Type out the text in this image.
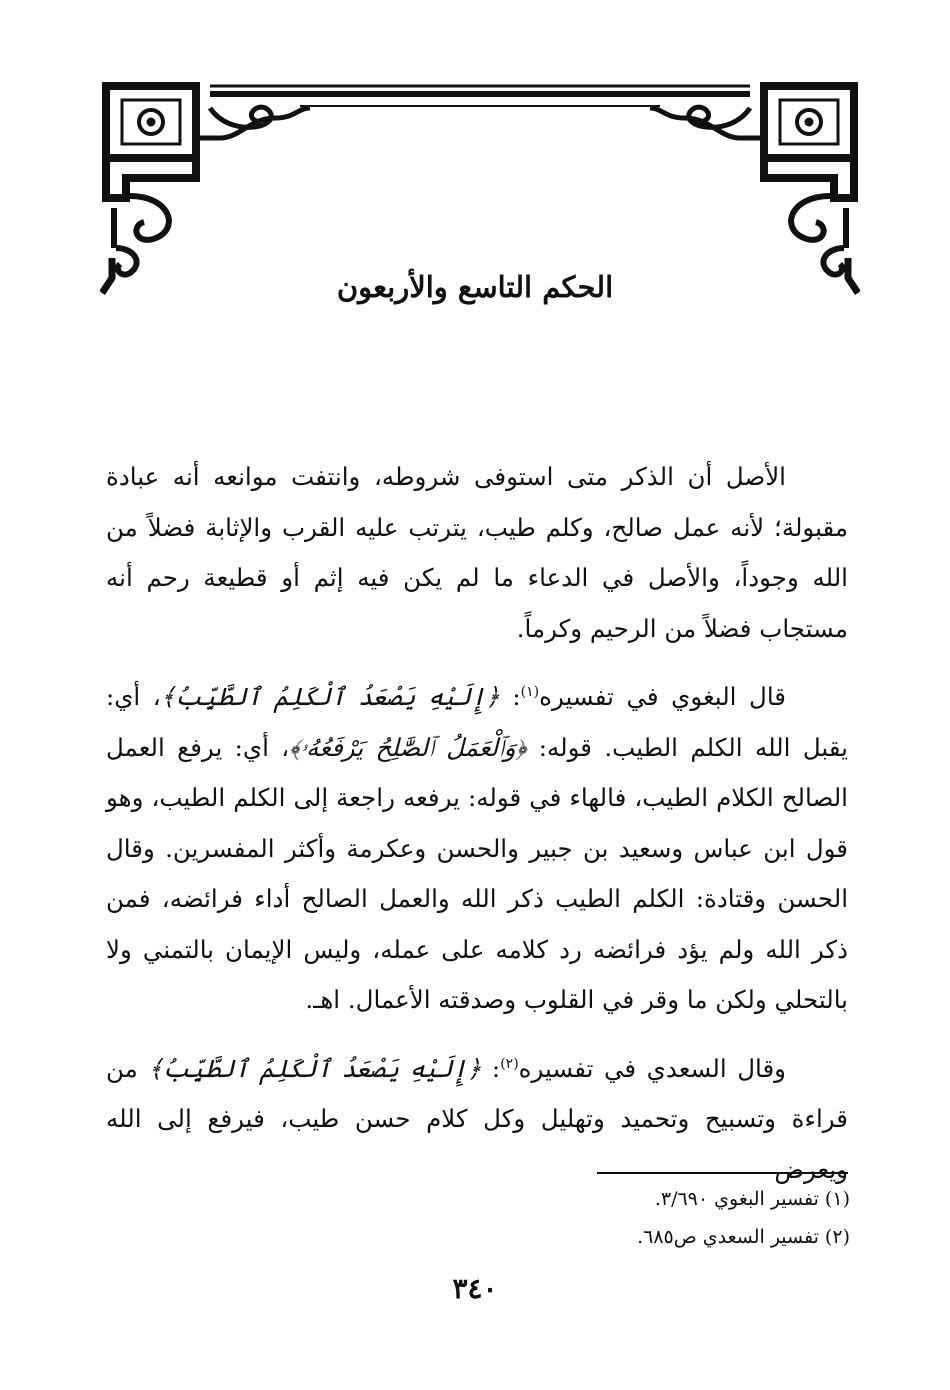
الحكم التاسع والأربعون

الأصل أن الذكر متى استوفى شروطه، وانتفت موانعه أنه عبادة مقبولة؛ لأنه عمل صالح، وكلم طيب، يترتب عليه القرب والإثابة فضلاً من الله وجوداً، والأصل في الدعاء ما لم يكن فيه إثم أو قطيعة رحم أنه مستجاب فضلاً من الرحيم وكرماً.

قال البغوي في تفسيره$^{(١)}$: ﴿إِلَيْهِ يَصْعَدُ ٱلْكَلِمُ ٱلطَّيِّبُ﴾، أي: يقبل الله الكلم الطيب. قوله: ﴿وَٱلْعَمَلُ ٱلصَّٰلِحُ يَرْفَعُهُۥ﴾، أي: يرفع العمل الصالح الكلام الطيب، فالهاء في قوله: يرفعه راجعة إلى الكلم الطيب، وهو قول ابن عباس وسعيد بن جبير والحسن وعكرمة وأكثر المفسرين. وقال الحسن وقتادة: الكلم الطيب ذكر الله والعمل الصالح أداء فرائضه، فمن ذكر الله ولم يؤد فرائضه رد كلامه على عمله، وليس الإيمان بالتمني ولا بالتحلي ولكن ما وقر في القلوب وصدقته الأعمال. اهـ.

وقال السعدي في تفسيره$^{(٢)}$: ﴿إِلَيْهِ يَصْعَدُ ٱلْكَلِمُ ٱلطَّيِّبُ﴾ من قراءة وتسبيح وتحميد وتهليل وكل كلام حسن طيب، فيرفع إلى الله ويعرض

(١) تفسير البغوي ٣/٦٩٠.
(٢) تفسير السعدي ص٦٨٥.
٣٤٠
